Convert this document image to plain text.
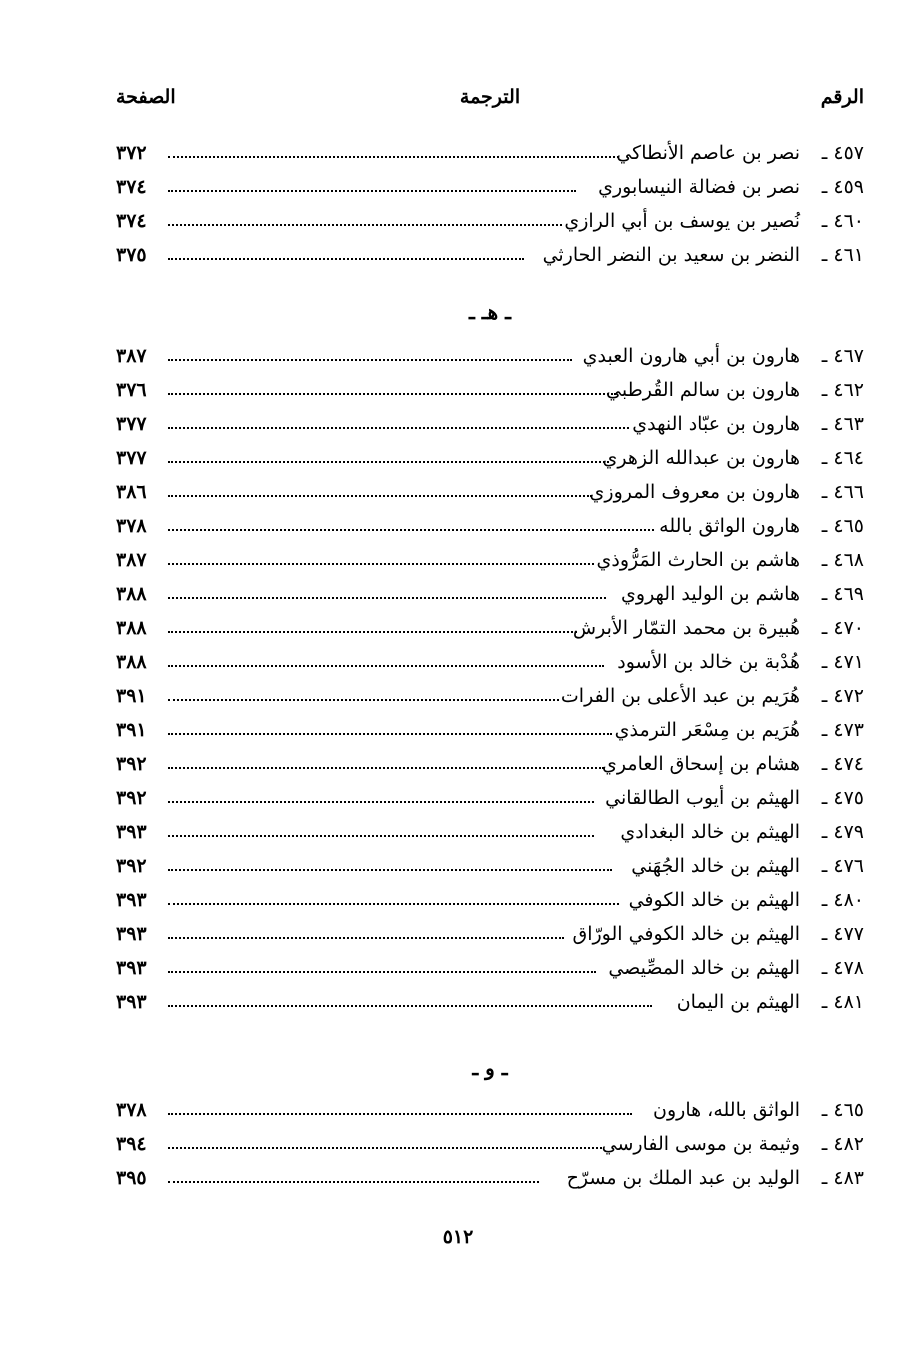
الرقم
الترجمة
الصفحة
٤٥٧ ـ
نصر بن عاصم الأنطاكي
٣٧٢
٤٥٩ ـ
نصر بن فضالة النيسابوري
٣٧٤
٤٦٠ ـ
نُصير بن يوسف بن أبي الرازي
٣٧٤
٤٦١ ـ
النضر بن سعيد بن النضر الحارثي
٣٧٥
ـ هـ ـ
٤٦٧ ـ
هارون بن أبي هارون العبدي
٣٨٧
٤٦٢ ـ
هارون بن سالم القُرطبي
٣٧٦
٤٦٣ ـ
هارون بن عبّاد النهدي
٣٧٧
٤٦٤ ـ
هارون بن عبدالله الزهري
٣٧٧
٤٦٦ ـ
هارون بن معروف المروزي
٣٨٦
٤٦٥ ـ
هارون الواثق بالله
٣٧٨
٤٦٨ ـ
هاشم بن الحارث المَرُّوذي
٣٨٧
٤٦٩ ـ
هاشم بن الوليد الهروي
٣٨٨
٤٧٠ ـ
هُبيرة بن محمد التمّار الأبرش
٣٨٨
٤٧١ ـ
هُدْبة بن خالد بن الأسود
٣٨٨
٤٧٢ ـ
هُرَيم بن عبد الأعلى بن الفرات
٣٩١
٤٧٣ ـ
هُرَيم بن مِسْعَر الترمذي
٣٩١
٤٧٤ ـ
هشام بن إسحاق العامري
٣٩٢
٤٧٥ ـ
الهيثم بن أيوب الطالقاني
٣٩٢
٤٧٩ ـ
الهيثم بن خالد البغدادي
٣٩٣
٤٧٦ ـ
الهيثم بن خالد الجُهَني
٣٩٢
٤٨٠ ـ
الهيثم بن خالد الكوفي
٣٩٣
٤٧٧ ـ
الهيثم بن خالد الكوفي الورّاق
٣٩٣
٤٧٨ ـ
الهيثم بن خالد المصِّيصي
٣٩٣
٤٨١ ـ
الهيثم بن اليمان
٣٩٣
ـ و ـ
٤٦٥ ـ
الواثق بالله، هارون
٣٧٨
٤٨٢ ـ
وثيمة بن موسى الفارسي
٣٩٤
٤٨٣ ـ
الوليد بن عبد الملك بن مسرّح
٣٩٥
٥١٢
